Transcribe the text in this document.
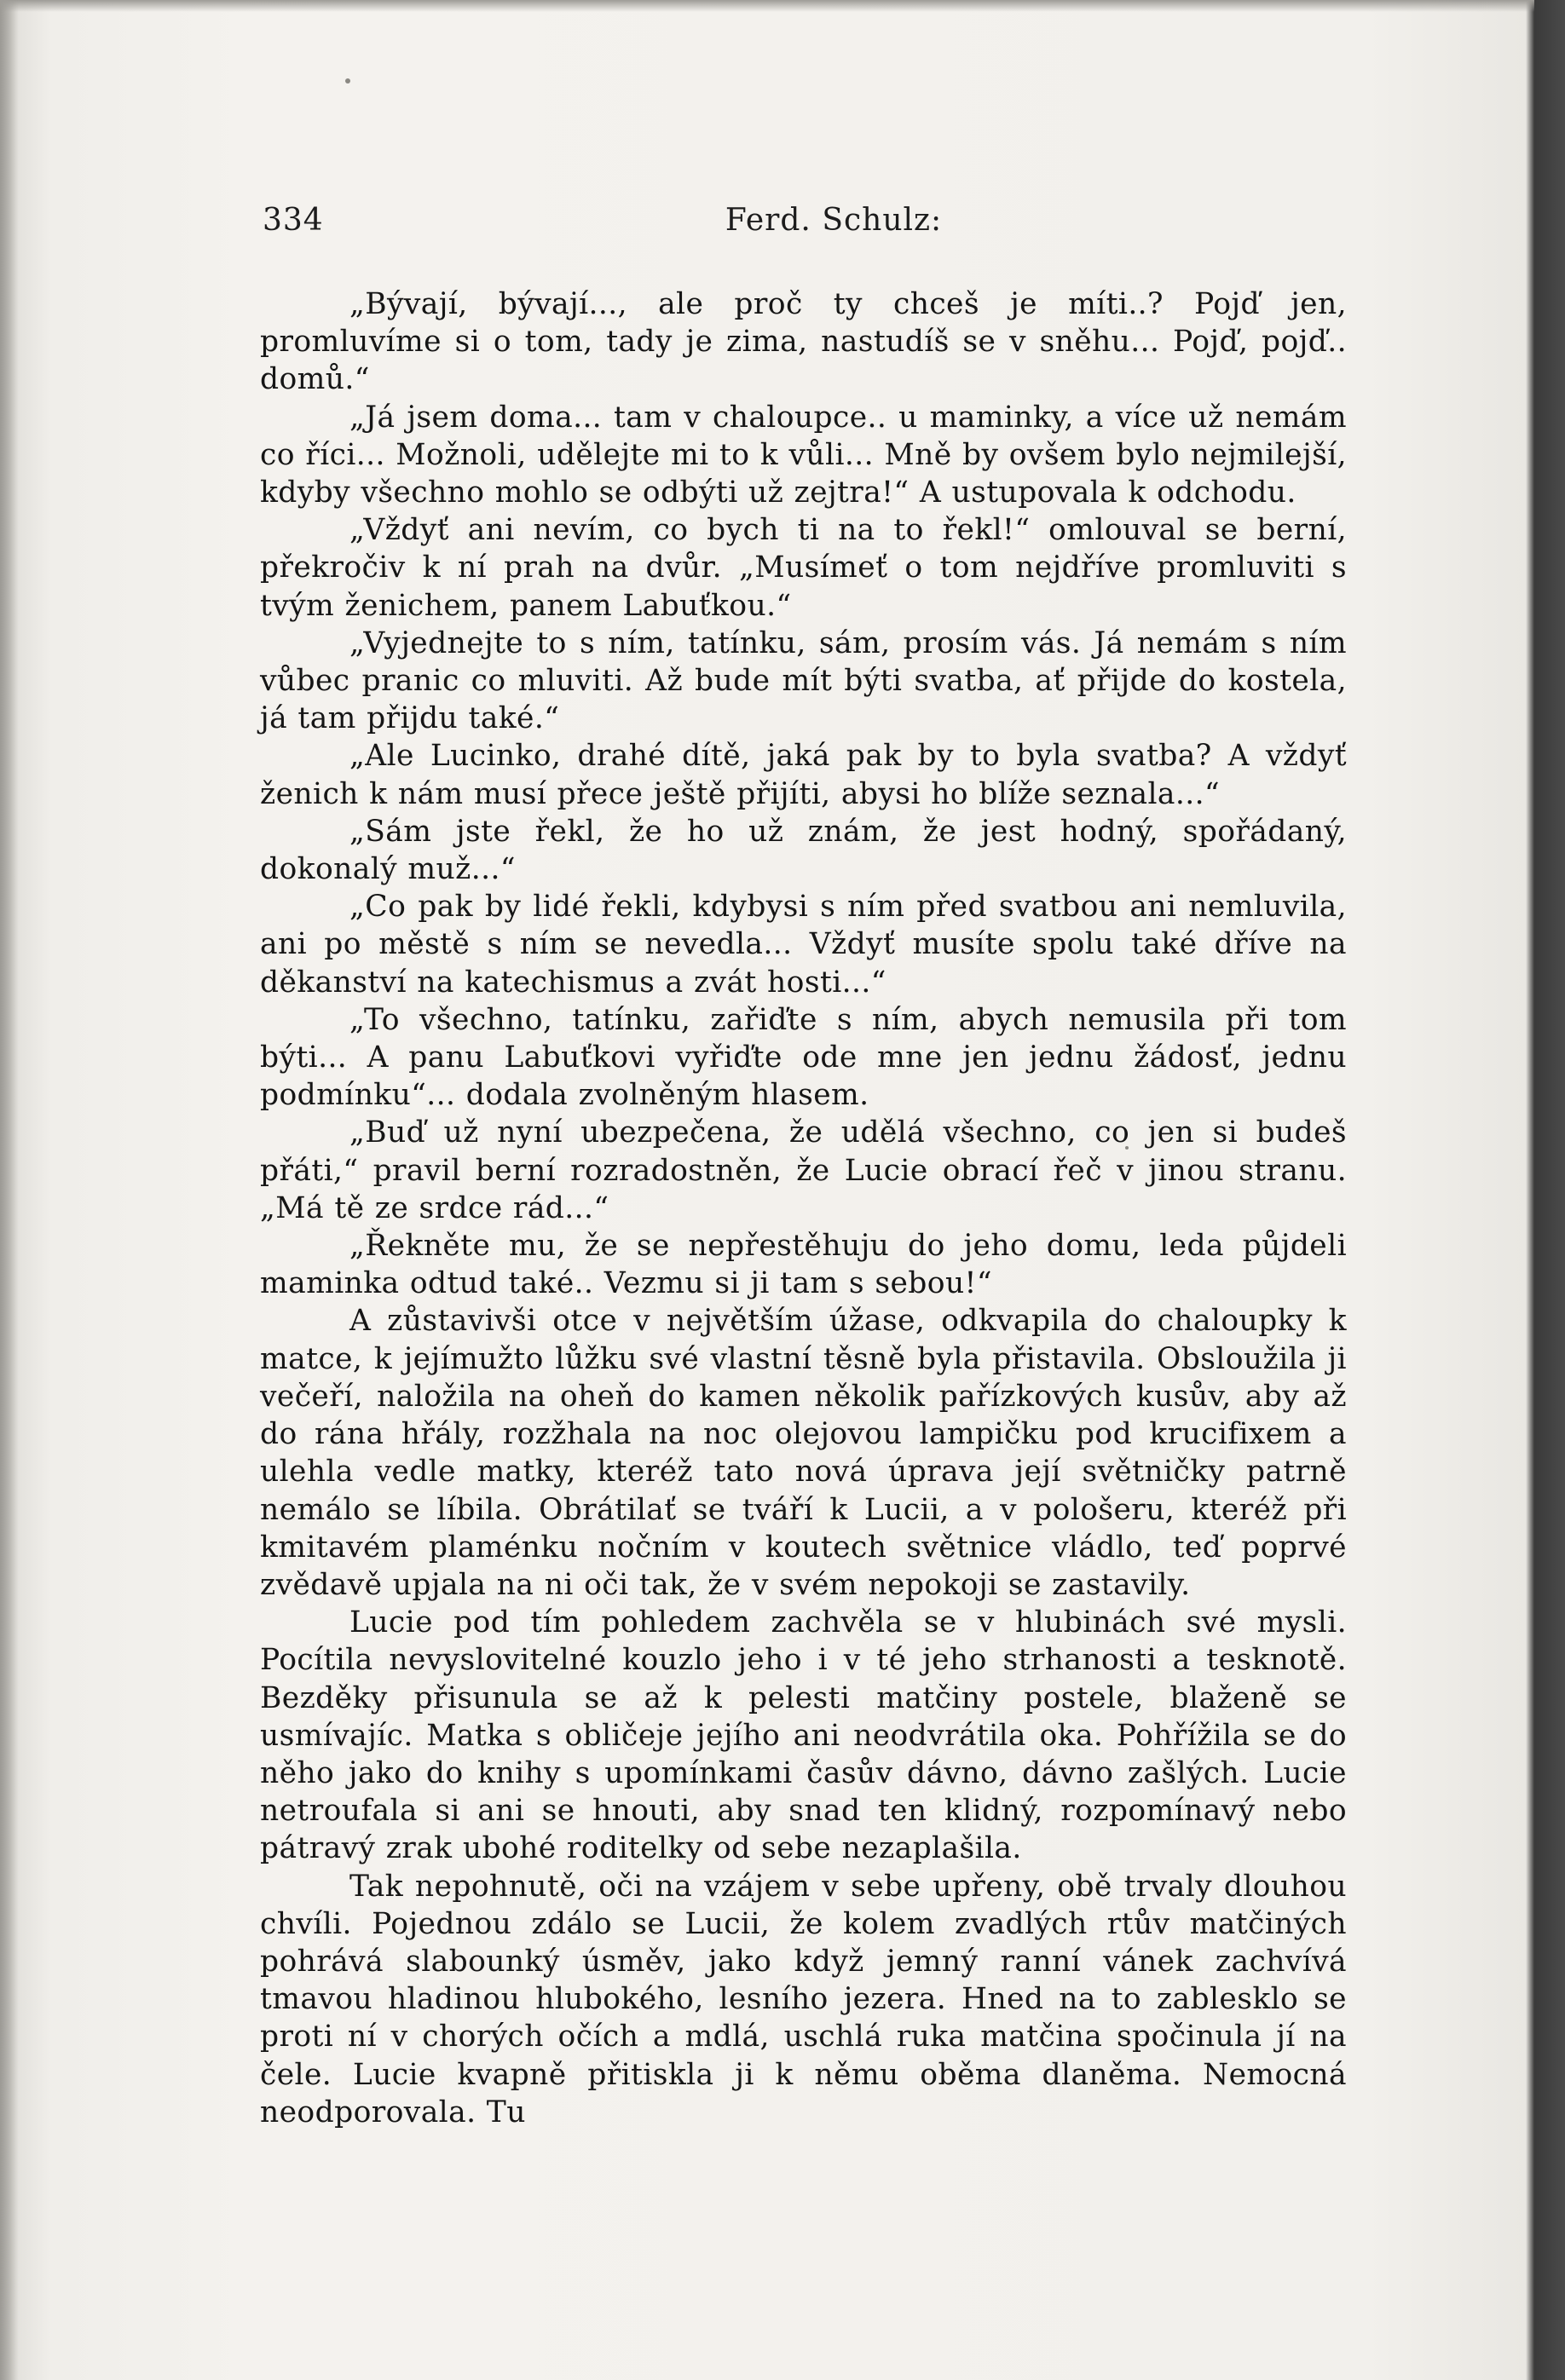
334	Ferd. Schulz:

„Bývají, bývají..., ale proč ty chceš je míti..? Pojď jen, promluvíme si o tom, tady je zima, nastudíš se v sněhu... Pojď, pojď.. domů.“

„Já jsem doma... tam v chaloupce.. u maminky, a více už nemám co říci... Možnoli, udělejte mi to k vůli... Mně by ovšem bylo nejmilejší, kdyby všechno mohlo se odbýti už zejtra!“ A ustupovala k odchodu.

„Vždyť ani nevím, co bych ti na to řekl!“ omlouval se berní, překročiv k ní prah na dvůr. „Musímeť o tom nejdříve promluviti s tvým ženichem, panem Labuťkou.“

„Vyjednejte to s ním, tatínku, sám, prosím vás. Já nemám s ním vůbec pranic co mluviti. Až bude mít býti svatba, ať přijde do kostela, já tam přijdu také.“

„Ale Lucinko, drahé dítě, jaká pak by to byla svatba? A vždyť ženich k nám musí přece ještě přijíti, abysi ho blíže seznala...“

„Sám jste řekl, že ho už znám, že jest hodný, spořádaný, dokonalý muž...“

„Co pak by lidé řekli, kdybysi s ním před svatbou ani nemluvila, ani po městě s ním se nevedla... Vždyť musíte spolu také dříve na děkanství na katechismus a zvát hosti...“

„To všechno, tatínku, zařiďte s ním, abych nemusila při tom býti... A panu Labuťkovi vyřiďte ode mne jen jednu žádosť, jednu podmínku“... dodala zvolněným hlasem.

„Buď už nyní ubezpečena, že udělá všechno, co jen si budeš přáti,“ pravil berní rozradostněn, že Lucie obrací řeč v jinou stranu. „Má tě ze srdce rád...“

„Řekněte mu, že se nepřestěhuju do jeho domu, leda půjdeli maminka odtud také.. Vezmu si ji tam s sebou!“

A zůstavivši otce v největším úžase, odkvapila do chaloupky k matce, k jejímužto lůžku své vlastní těsně byla přistavila. Obsloužila ji večeří, naložila na oheň do kamen několik pařízkových kusův, aby až do rána hřály, rozžhala na noc olejovou lampičku pod krucifixem a ulehla vedle matky, kteréž tato nová úprava její světničky patrně nemálo se líbila. Obrátilať se tváří k Lucii, a v pološeru, kteréž při kmitavém plaménku nočním v koutech světnice vládlo, teď poprvé zvědavě upjala na ni oči tak, že v svém nepokoji se zastavily.

Lucie pod tím pohledem zachvěla se v hlubinách své mysli. Pocítila nevyslovitelné kouzlo jeho i v té jeho strhanosti a tesknotě. Bezděky přisunula se až k pelesti matčiny postele, blaženě se usmívajíc. Matka s obličeje jejího ani neodvrátila oka. Pohřížila se do něho jako do knihy s upomínkami časův dávno, dávno zašlých. Lucie netroufala si ani se hnouti, aby snad ten klidný, rozpomínavý nebo pátravý zrak ubohé roditelky od sebe nezaplašila.

Tak nepohnutě, oči na vzájem v sebe upřeny, obě trvaly dlouhou chvíli. Pojednou zdálo se Lucii, že kolem zvadlých rtův matčiných pohrává slabounký úsměv, jako když jemný ranní vánek zachvívá tmavou hladinou hlubokého, lesního jezera. Hned na to zablesklo se proti ní v chorých očích a mdlá, uschlá ruka matčina spočinula jí na čele. Lucie kvapně přitiskla ji k němu oběma dlaněma. Nemocná neodporovala. Tu
